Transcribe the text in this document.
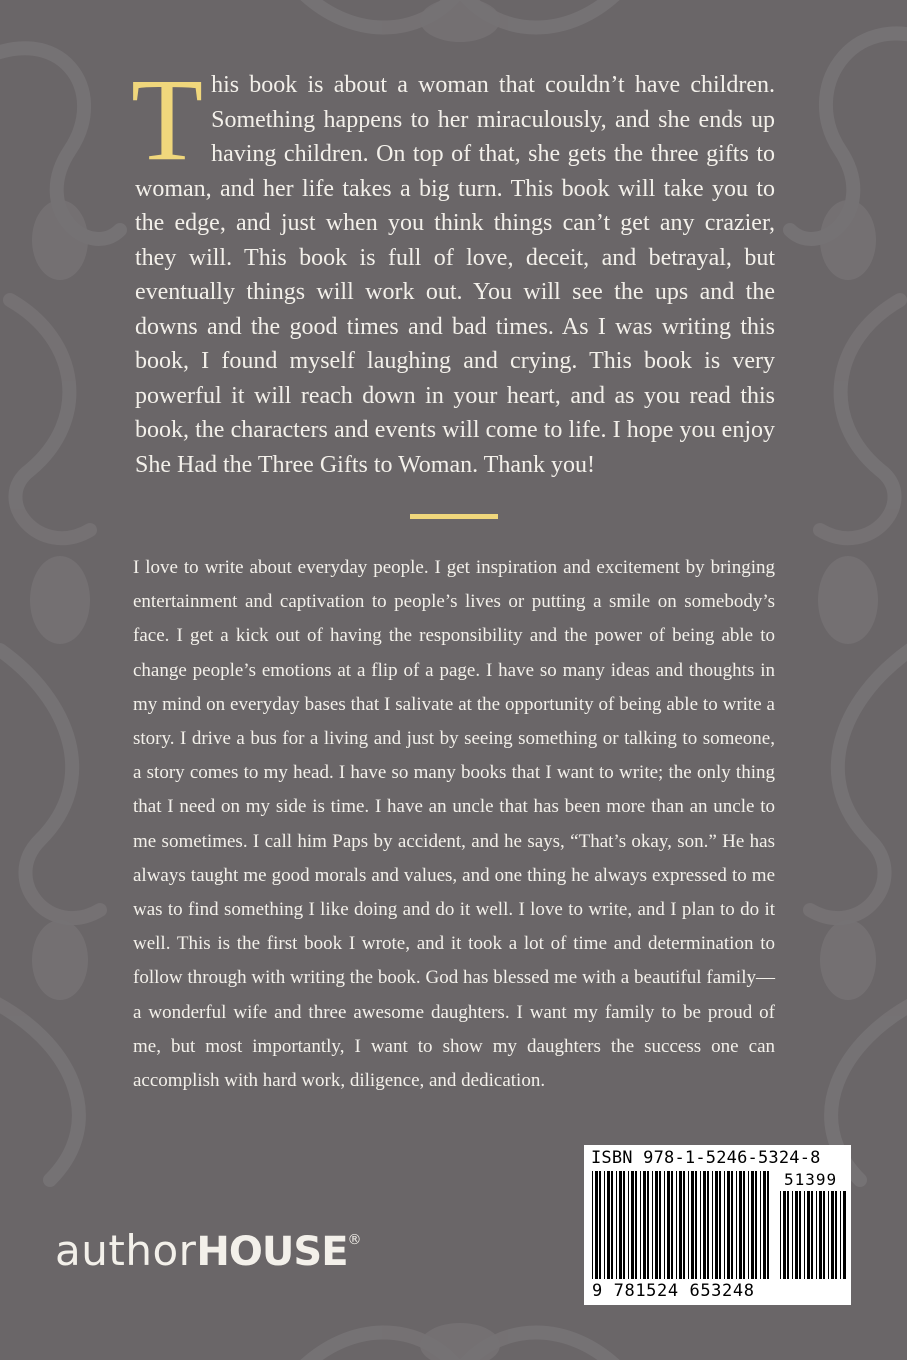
This book is about a woman that couldn’t have children. Something happens to her miraculously, and she ends up having children. On top of that, she gets the three gifts to woman, and her life takes a big turn. This book will take you to the edge, and just when you think things can’t get any crazier, they will. This book is full of love, deceit, and betrayal, but eventually things will work out. You will see the ups and the downs and the good times and bad times. As I was writing this book, I found myself laughing and crying. This book is very powerful it will reach down in your heart, and as you read this book, the characters and events will come to life. I hope you enjoy She Had the Three Gifts to Woman. Thank you!
I love to write about everyday people. I get inspiration and excitement by bringing entertainment and captivation to people’s lives or putting a smile on somebody’s face. I get a kick out of having the responsibility and the power of being able to change people’s emotions at a flip of a page. I have so many ideas and thoughts in my mind on everyday bases that I salivate at the opportunity of being able to write a story. I drive a bus for a living and just by seeing something or talking to someone, a story comes to my head. I have so many books that I want to write; the only thing that I need on my side is time. I have an uncle that has been more than an uncle to me sometimes. I call him Paps by accident, and he says, “That’s okay, son.” He has always taught me good morals and values, and one thing he always expressed to me was to find something I like doing and do it well. I love to write, and I plan to do it well. This is the first book I wrote, and it took a lot of time and determination to follow through with writing the book. God has blessed me with a beautiful family—a wonderful wife and three awesome daughters. I want my family to be proud of me, but most importantly, I want to show my daughters the success one can accomplish with hard work, diligence, and dedication.
authorHOUSE®
ISBN 978-1-5246-5324-8
51399
9 781524 653248
